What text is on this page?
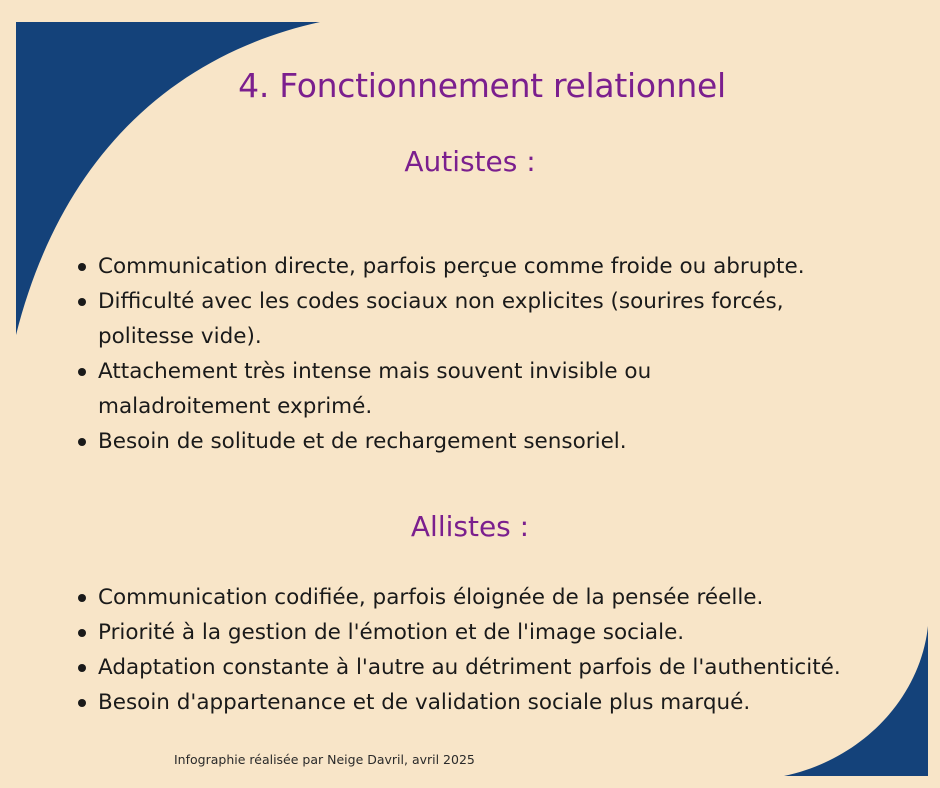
4. Fonctionnement relationnel
Autistes :
Communication directe, parfois perçue comme froide ou abrupte.
Difficulté avec les codes sociaux non explicites (sourires forcés, politesse vide).
Attachement très intense mais souvent invisible ou maladroitement exprimé.
Besoin de solitude et de rechargement sensoriel.
Allistes :
Communication codifiée, parfois éloignée de la pensée réelle.
Priorité à la gestion de l'émotion et de l'image sociale.
Adaptation constante à l'autre au détriment parfois de l'authenticité.
Besoin d'appartenance et de validation sociale plus marqué.
Infographie réalisée par Neige Davril, avril 2025
